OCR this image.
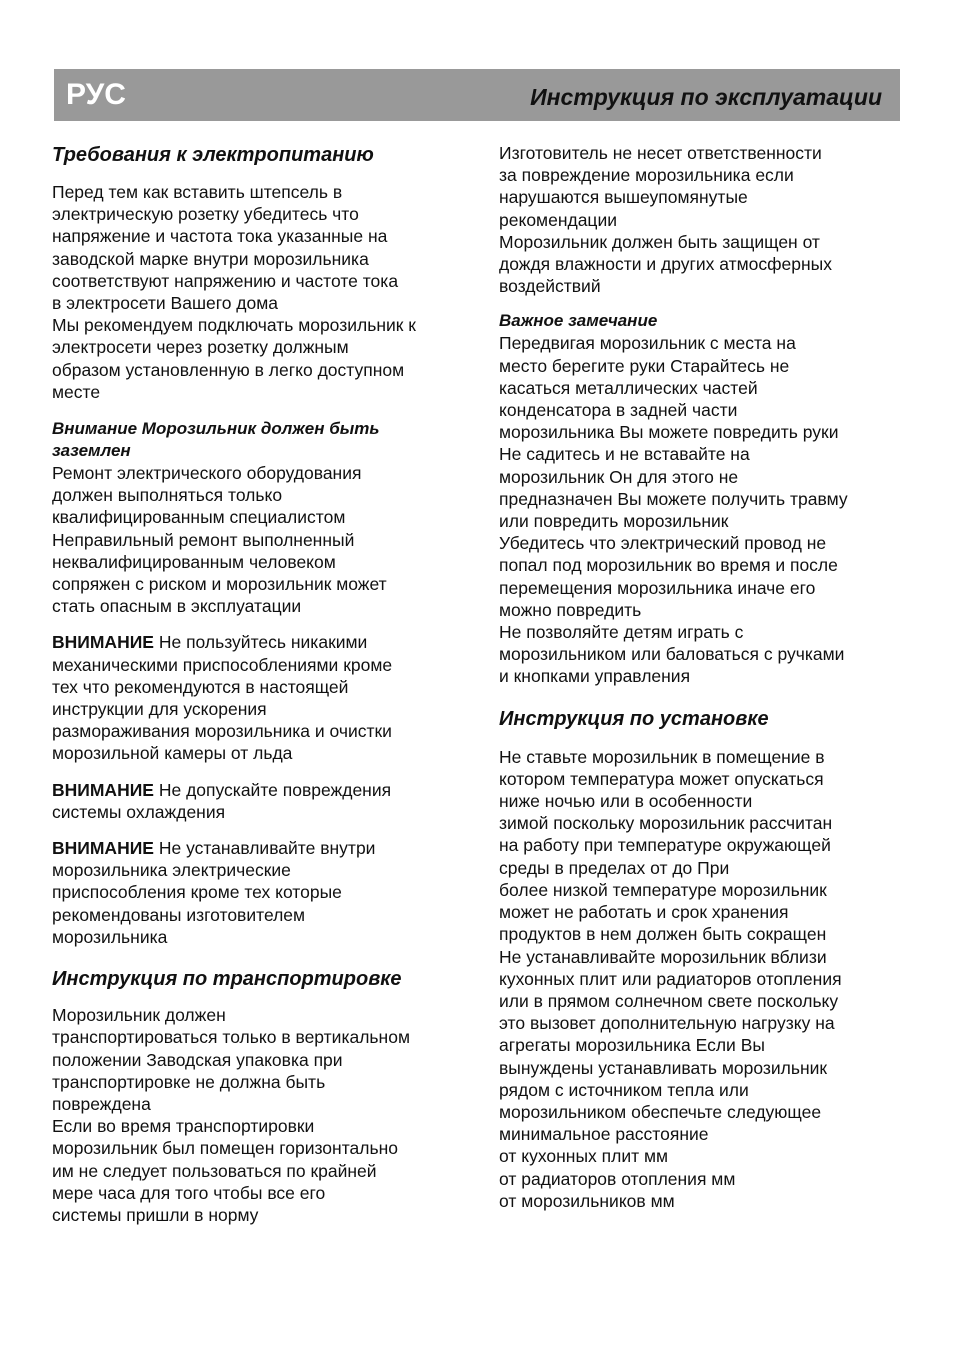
РУС	Инструкция по эксплуатации
Требования к электропитанию

Перед тем как вставить штепсель в
электрическую розетку убедитесь что
напряжение и частота тока указанные на
заводской марке внутри морозильника
соответствуют напряжению и частоте тока
в электросети Вашего дома
Мы рекомендуем подключать морозильник к
электросети через розетку должным
образом установленную в легко доступном
месте

Внимание Морозильник должен быть
заземлен

Ремонт электрического оборудования
должен выполняться только
квалифицированным специалистом
Неправильный ремонт выполненный
неквалифицированным человеком
сопряжен с риском и морозильник может
стать опасным в эксплуатации

ВНИМАНИЕ Не пользуйтесь никакими
механическими приспособлениями кроме
тех что рекомендуются в настоящей
инструкции для ускорения
размораживания морозильника и очистки
морозильной камеры от льда

ВНИМАНИЕ Не допускайте повреждения
системы охлаждения

ВНИМАНИЕ Не устанавливайте внутри
морозильника электрические
приспособления кроме тех которые
рекомендованы изготовителем
морозильника

Инструкция по транспортировке

Морозильник должен
транспортироваться только в вертикальном
положении Заводская упаковка при
транспортировке не должна быть
повреждена
Если во время транспортировки
морозильник был помещен горизонтально
им не следует пользоваться по крайней
мере часа для того чтобы все его
системы пришли в норму

Изготовитель не несет ответственности
за повреждение морозильника если
нарушаются вышеупомянутые
рекомендации
Морозильник должен быть защищен от
дождя влажности и других атмосферных
воздействий

Важное замечание

Передвигая морозильник с места на
место берегите руки Старайтесь не
касаться металлических частей
конденсатора в задней части
морозильника Вы можете повредить руки
Не садитесь и не вставайте на
морозильник Он для этого не
предназначен Вы можете получить травму
или повредить морозильник
Убедитесь что электрический провод не
попал под морозильник во время и после
перемещения морозильника иначе его
можно повредить
Не позволяйте детям играть с
морозильником или баловаться с ручками
и кнопками управления

Инструкция по установке

Не ставьте морозильник в помещение в
котором температура может опускаться
ниже ночью или в особенности
зимой поскольку морозильник рассчитан
на работу при температуре окружающей
среды в пределах от до При
более низкой температуре морозильник
может не работать и срок хранения
продуктов в нем должен быть сокращен
Не устанавливайте морозильник вблизи
кухонных плит или радиаторов отопления
или в прямом солнечном свете поскольку
это вызовет дополнительную нагрузку на
агрегаты морозильника Если Вы
вынуждены устанавливать морозильник
рядом с источником тепла или
морозильником обеспечьте следующее
минимальное расстояние
от кухонных плит мм
от радиаторов отопления мм
от морозильников мм
